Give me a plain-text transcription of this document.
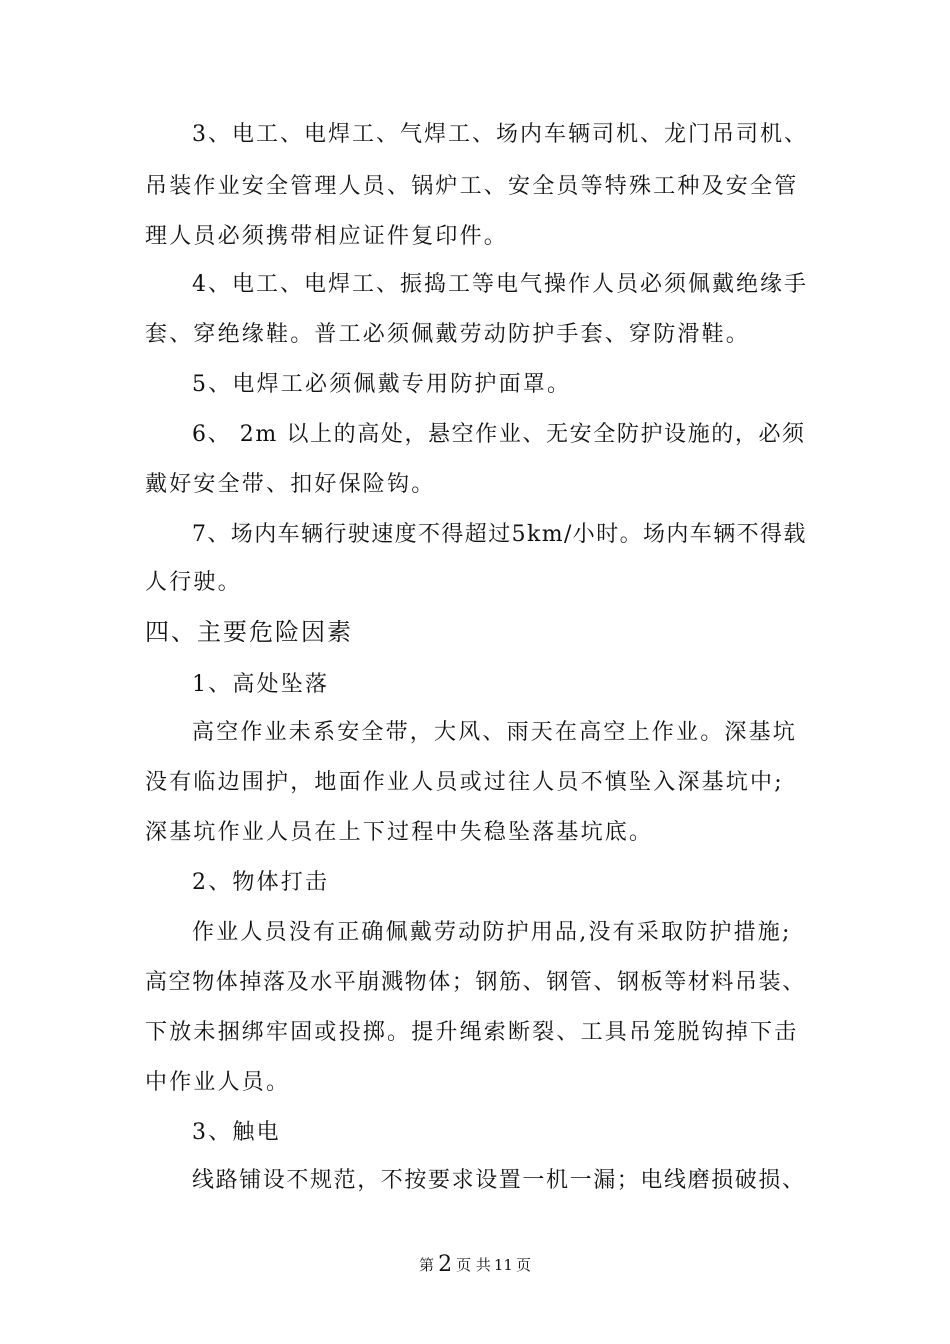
3、电工、电焊工、气焊工、场内车辆司机、龙门吊司机、
吊装作业安全管理人员、锅炉工、安全员等特殊工种及安全管
理人员必须携带相应证件复印件。
4、电工、电焊工、振捣工等电气操作人员必须佩戴绝缘手
套、穿绝缘鞋。普工必须佩戴劳动防护手套、穿防滑鞋。
5、电焊工必须佩戴专用防护面罩。
6、 2m 以上的高处，悬空作业、无安全防护设施的，必须
戴好安全带、扣好保险钩。
7、场内车辆行驶速度不得超过5km/小时。场内车辆不得载
人行驶。
四、主要危险因素
1、高处坠落
高空作业未系安全带，大风、雨天在高空上作业。深基坑
没有临边围护，地面作业人员或过往人员不慎坠入深基坑中;
深基坑作业人员在上下过程中失稳坠落基坑底。
2、物体打击
作业人员没有正确佩戴劳动防护用品,没有采取防护措施;
高空物体掉落及水平崩溅物体；钢筋、钢管、钢板等材料吊装、
下放未捆绑牢固或投掷。提升绳索断裂、工具吊笼脱钩掉下击
中作业人员。
3、触电
线路铺设不规范，不按要求设置一机一漏；电线磨损破损、
第 2 页 共 11 页
